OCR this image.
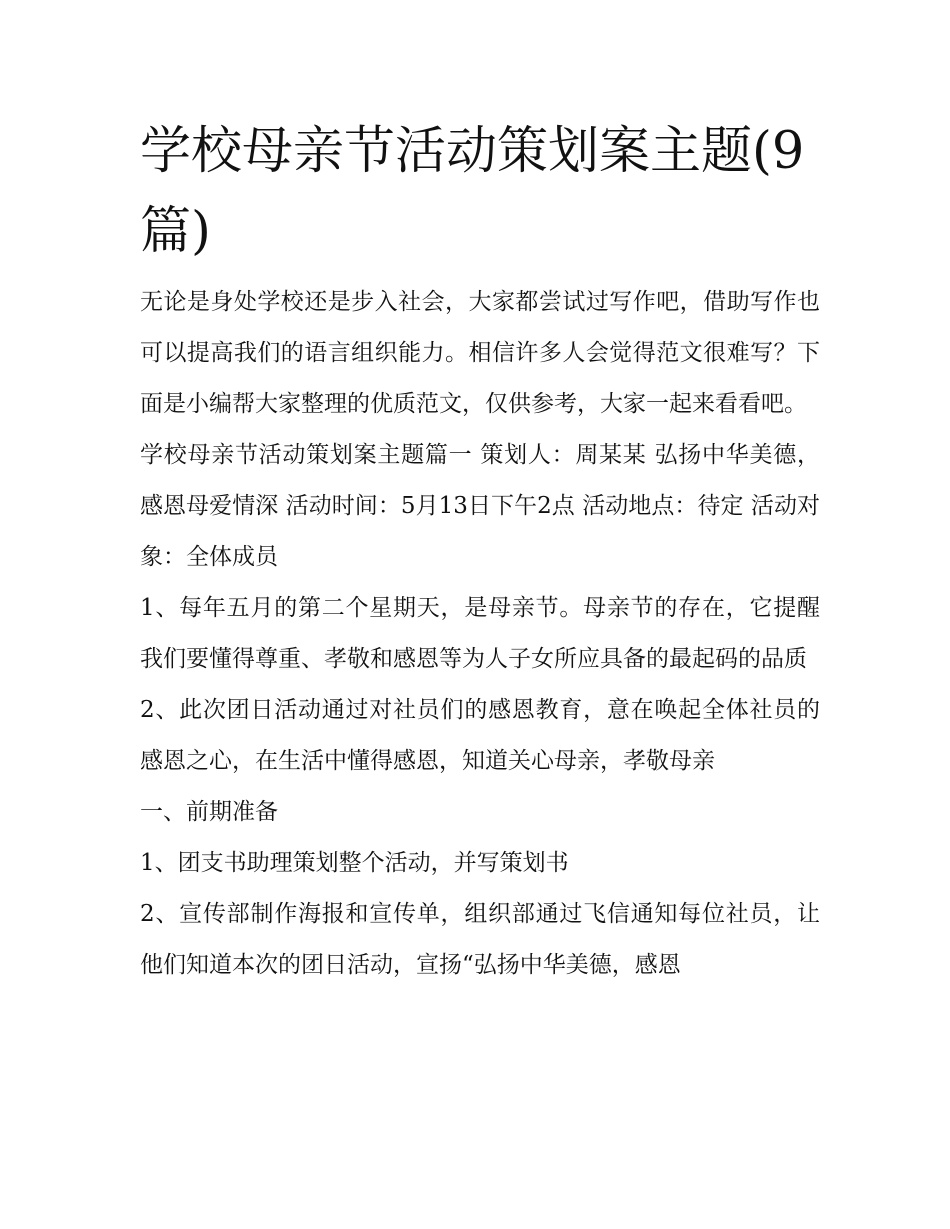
学校母亲节活动策划案主题(9篇)

无论是身处学校还是步入社会，大家都尝试过写作吧，借助写作也可以提高我们的语言组织能力。相信许多人会觉得范文很难写？下面是小编帮大家整理的优质范文，仅供参考，大家一起来看看吧。

学校母亲节活动策划案主题篇一 策划人：周某某 弘扬中华美德，感恩母爱情深 活动时间：5月13日下午2点 活动地点：待定 活动对象：全体成员

1、每年五月的第二个星期天，是母亲节。母亲节的存在，它提醒我们要懂得尊重、孝敬和感恩等为人子女所应具备的最起码的品质

2、此次团日活动通过对社员们的感恩教育，意在唤起全体社员的感恩之心，在生活中懂得感恩，知道关心母亲，孝敬母亲

一、前期准备

1、团支书助理策划整个活动，并写策划书

2、宣传部制作海报和宣传单，组织部通过飞信通知每位社员，让他们知道本次的团日活动，宣扬“弘扬中华美德，感恩
